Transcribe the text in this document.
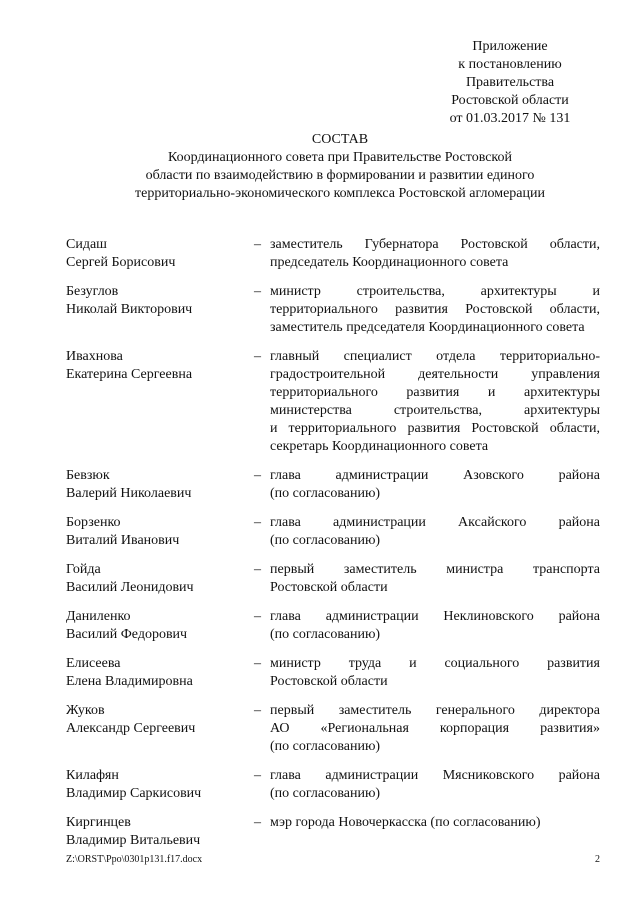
Приложение
к постановлению
Правительства
Ростовской области
от 01.03.2017 № 131
СОСТАВ
Координационного совета при Правительстве Ростовской
области по взаимодействию в формировании и развитии единого
территориально-экономического комплекса Ростовской агломерации
Сидаш
Сергей Борисович
– заместитель Губернатора Ростовской области,
председатель Координационного совета
Безуглов
Николай Викторович
– министр строительства, архитектуры и
территориального развития Ростовской области,
заместитель председателя Координационного совета
Ивахнова
Екатерина Сергеевна
– главный специалист отдела территориально-
градостроительной деятельности управления
территориального развития и архитектуры
министерства строительства, архитектуры
и территориального развития Ростовской области,
секретарь Координационного совета
Бевзюк
Валерий Николаевич
– глава администрации Азовского района
(по согласованию)
Борзенко
Виталий Иванович
– глава администрации Аксайского района
(по согласованию)
Гойда
Василий Леонидович
– первый заместитель министра транспорта
Ростовской области
Даниленко
Василий Федорович
– глава администрации Неклиновского района
(по согласованию)
Елисеева
Елена Владимировна
– министр труда и социального развития
Ростовской области
Жуков
Александр Сергеевич
– первый заместитель генерального директора
АО «Региональная корпорация развития»
(по согласованию)
Килафян
Владимир Саркисович
– глава администрации Мясниковского района
(по согласованию)
Киргинцев
Владимир Витальевич
– мэр города Новочеркасска (по согласованию)
Z:\ORST\Ppo\0301p131.f17.docx	2
